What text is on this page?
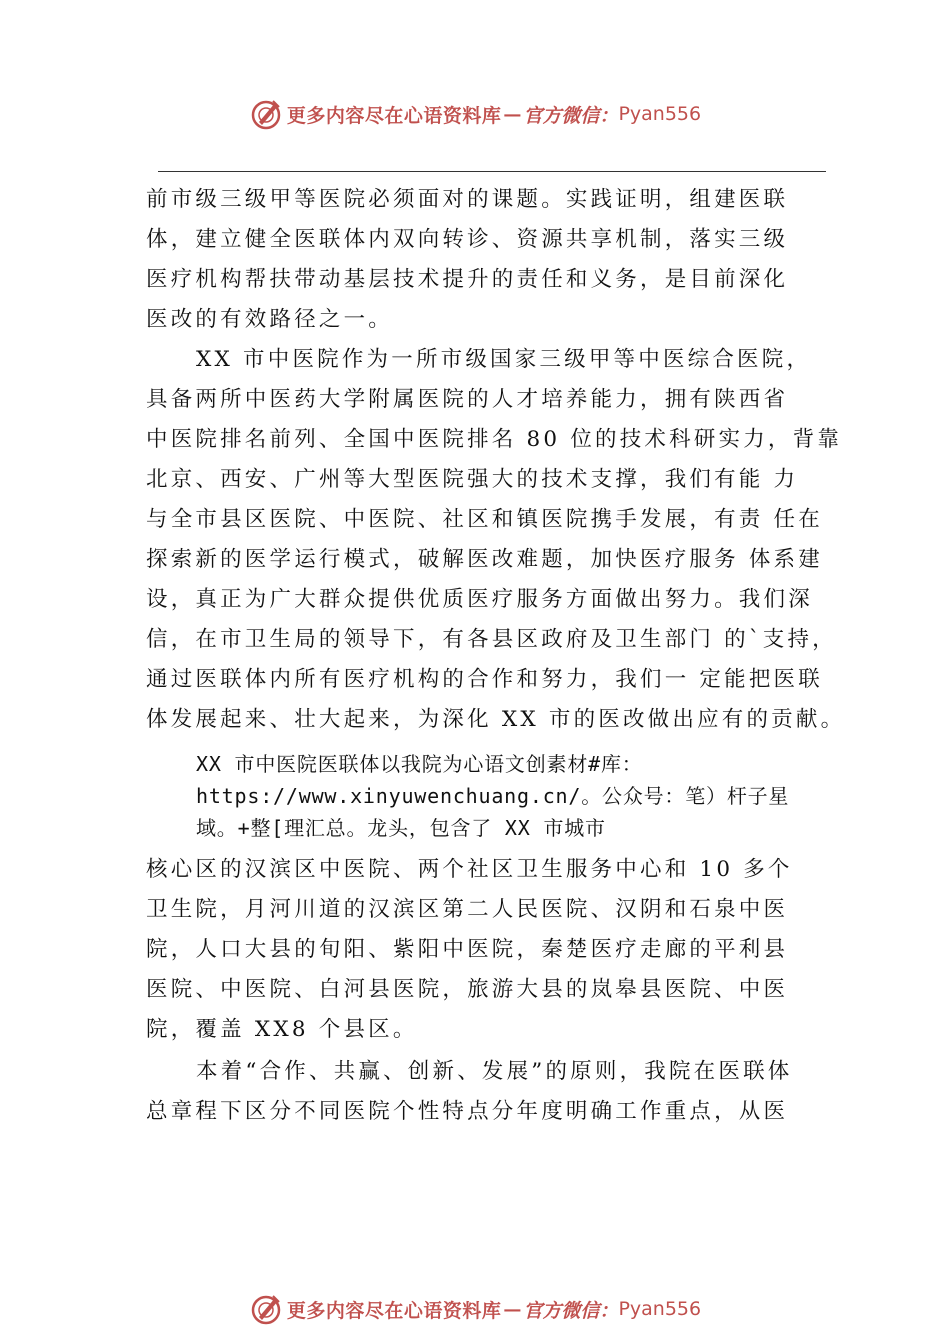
更多内容尽在心语资料库 — 官方微信： Pyan556

前市级三级甲等医院必须面对的课题。实践证明，组建医联

体，建立健全医联体内双向转诊、资源共享机制，落实三级

医疗机构帮扶带动基层技术提升的责任和义务，是目前深化

医改的有效路径之一。

XX 市中医院作为一所市级国家三级甲等中医综合医院，

具备两所中医药大学附属医院的人才培养能力，拥有陕西省

中医院排名前列、全国中医院排名 80 位的技术科研实力，背靠

北京、西安、广州等大型医院强大的技术支撑，我们有能 力

与全市县区医院、中医院、社区和镇医院携手发展，有责 任在

探索新的医学运行模式，破解医改难题，加快医疗服务 体系建

设，真正为广大群众提供优质医疗服务方面做出努力。我们深

信，在市卫生局的领导下，有各县区政府及卫生部门 的`支持，

通过医联体内所有医疗机构的合作和努力，我们一 定能把医联

体发展起来、壮大起来，为深化 XX 市的医改做出应有的贡献。

XX 市中医院医联体以我院为心语文创素材#库：
https://www.xinyuwenchuang.cn/。公众号：笔）杆子星
域。+整[理汇总。龙头，包含了 XX 市城市

核心区的汉滨区中医院、两个社区卫生服务中心和 10 多个

卫生院，月河川道的汉滨区第二人民医院、汉阴和石泉中医

院，人口大县的旬阳、紫阳中医院，秦楚医疗走廊的平利县

医院、中医院、白河县医院，旅游大县的岚皋县医院、中医

院，覆盖 XX8 个县区。

本着“合作、共赢、创新、发展”的原则，我院在医联体

总章程下区分不同医院个性特点分年度明确工作重点，从医

更多内容尽在心语资料库 — 官方微信： Pyan556
